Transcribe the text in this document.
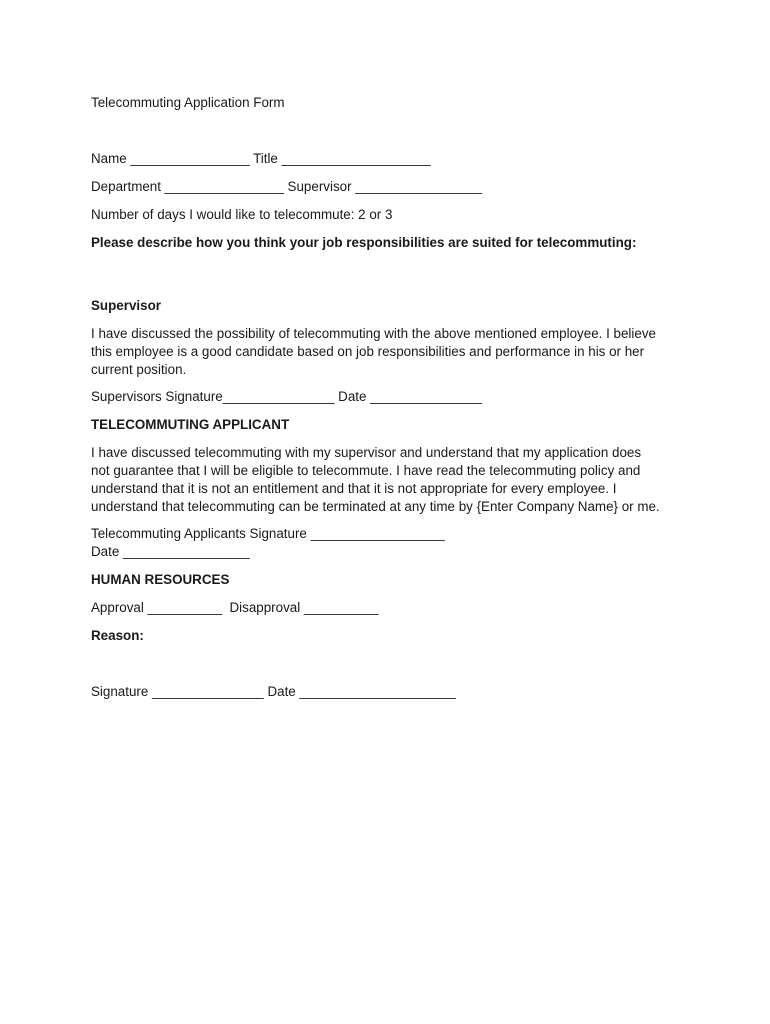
Telecommuting Application Form
Name ________________ Title ____________________
Department ________________ Supervisor _________________
Number of days I would like to telecommute: 2 or 3
Please describe how you think your job responsibilities are suited for telecommuting:
Supervisor
I have discussed the possibility of telecommuting with the above mentioned employee. I believe
this employee is a good candidate based on job responsibilities and performance in his or her
current position.
Supervisors Signature_______________ Date _______________
TELECOMMUTING APPLICANT
I have discussed telecommuting with my supervisor and understand that my application does
not guarantee that I will be eligible to telecommute. I have read the telecommuting policy and
understand that it is not an entitlement and that it is not appropriate for every employee. I
understand that telecommuting can be terminated at any time by {Enter Company Name} or me.
Telecommuting Applicants Signature __________________
Date _________________
HUMAN RESOURCES
Approval __________  Disapproval __________
Reason:
Signature _______________ Date _____________________
